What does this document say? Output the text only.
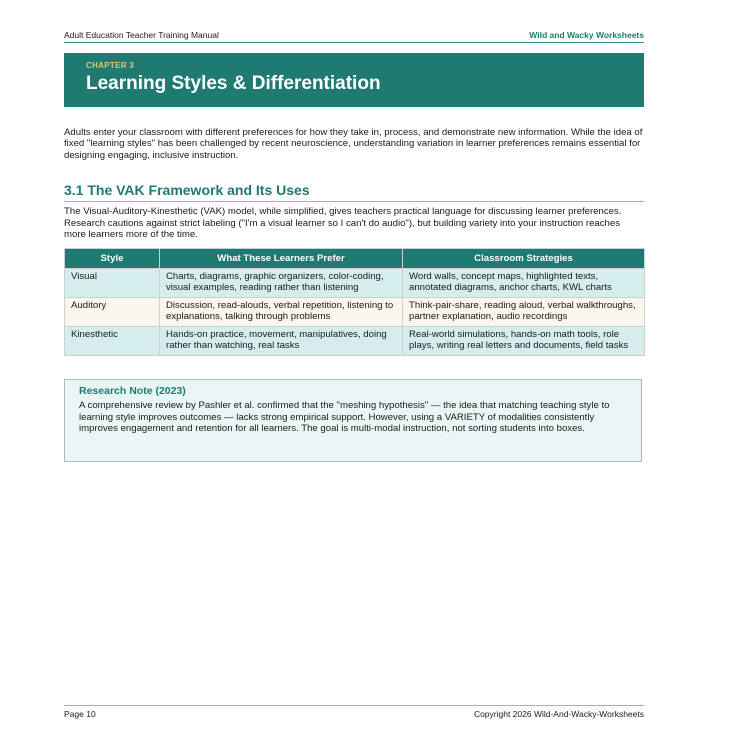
Adult Education Teacher Training Manual	Wild and Wacky Worksheets
CHAPTER 3
Learning Styles & Differentiation

Adults enter your classroom with different preferences for how they take in, process, and demonstrate new information. While the idea of fixed "learning styles" has been challenged by recent neuroscience, understanding variation in learner preferences remains essential for designing engaging, inclusive instruction.

3.1 The VAK Framework and Its Uses
The Visual-Auditory-Kinesthetic (VAK) model, while simplified, gives teachers practical language for discussing learner preferences. Research cautions against strict labeling ("I'm a visual learner so I can't do audio"), but building variety into your instruction reaches more learners more of the time.
Style	What These Learners Prefer	Classroom Strategies
Visual	Charts, diagrams, graphic organizers, color-coding, visual examples, reading rather than listening	Word walls, concept maps, highlighted texts, annotated diagrams, anchor charts, KWL charts
Auditory	Discussion, read-alouds, verbal repetition, listening to explanations, talking through problems	Think-pair-share, reading aloud, verbal walkthroughs, partner explanation, audio recordings
Kinesthetic	Hands-on practice, movement, manipulatives, doing rather than watching, real tasks	Real-world simulations, hands-on math tools, role plays, writing real letters and documents, field tasks
Research Note (2023)
A comprehensive review by Pashler et al. confirmed that the "meshing hypothesis" — the idea that matching teaching style to learning style improves outcomes — lacks strong empirical support. However, using a VARIETY of modalities consistently improves engagement and retention for all learners. The goal is multi-modal instruction, not sorting students into boxes.
Page 10	Copyright 2026 Wild-And-Wacky-Worksheets
